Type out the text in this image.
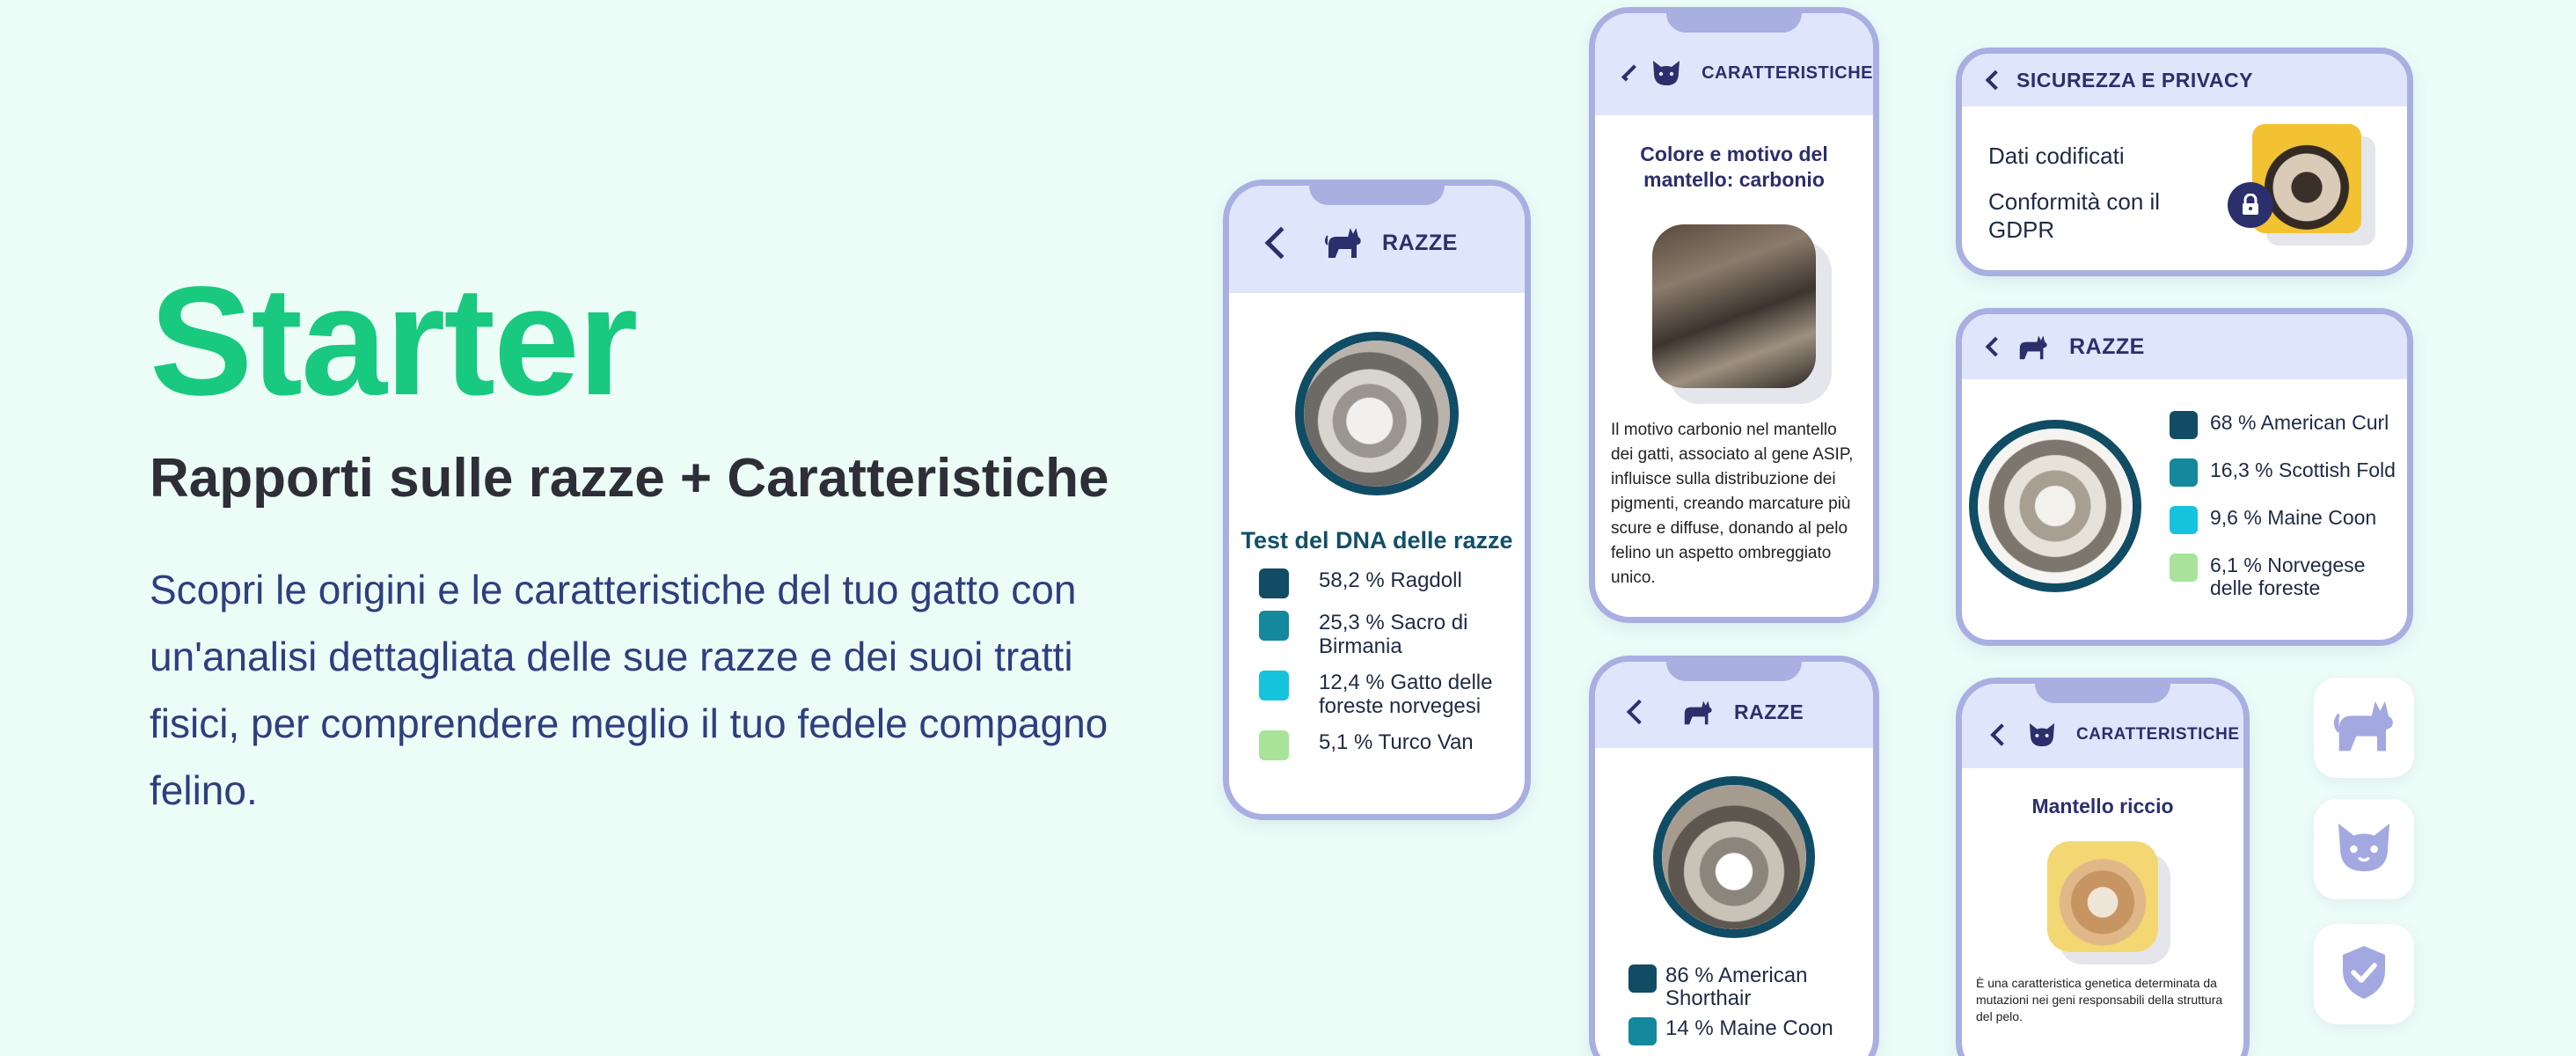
Starter
Rapporti sulle razze + Caratteristiche
Scopri le origini e le caratteristiche del tuo gatto con un'analisi dettagliata delle sue razze e dei suoi tratti fisici, per comprendere meglio il tuo fedele compagno felino.
RAZZE
Test del DNA delle razze
58,2 % Ragdoll
25,3 % Sacro di Birmania
12,4 % Gatto delle foreste norvegesi
5,1 % Turco Van
CARATTERISTICHE
Colore e motivo del mantello: carbonio
Il motivo carbonio nel mantello dei gatti, associato al gene ASIP, influisce sulla distribuzione dei pigmenti, creando marcature più scure e diffuse, donando al pelo felino un aspetto ombreggiato unico.
RAZZE
86 % American Shorthair
14 % Maine Coon
SICUREZZA E PRIVACY
Dati codificati
Conformità con il GDPR
RAZZE
68 % American Curl
16,3 % Scottish Fold
9,6 % Maine Coon
6,1 % Norvegese delle foreste
CARATTERISTICHE
Mantello riccio
È una caratteristica genetica determinata da mutazioni nei geni responsabili della struttura del pelo.
